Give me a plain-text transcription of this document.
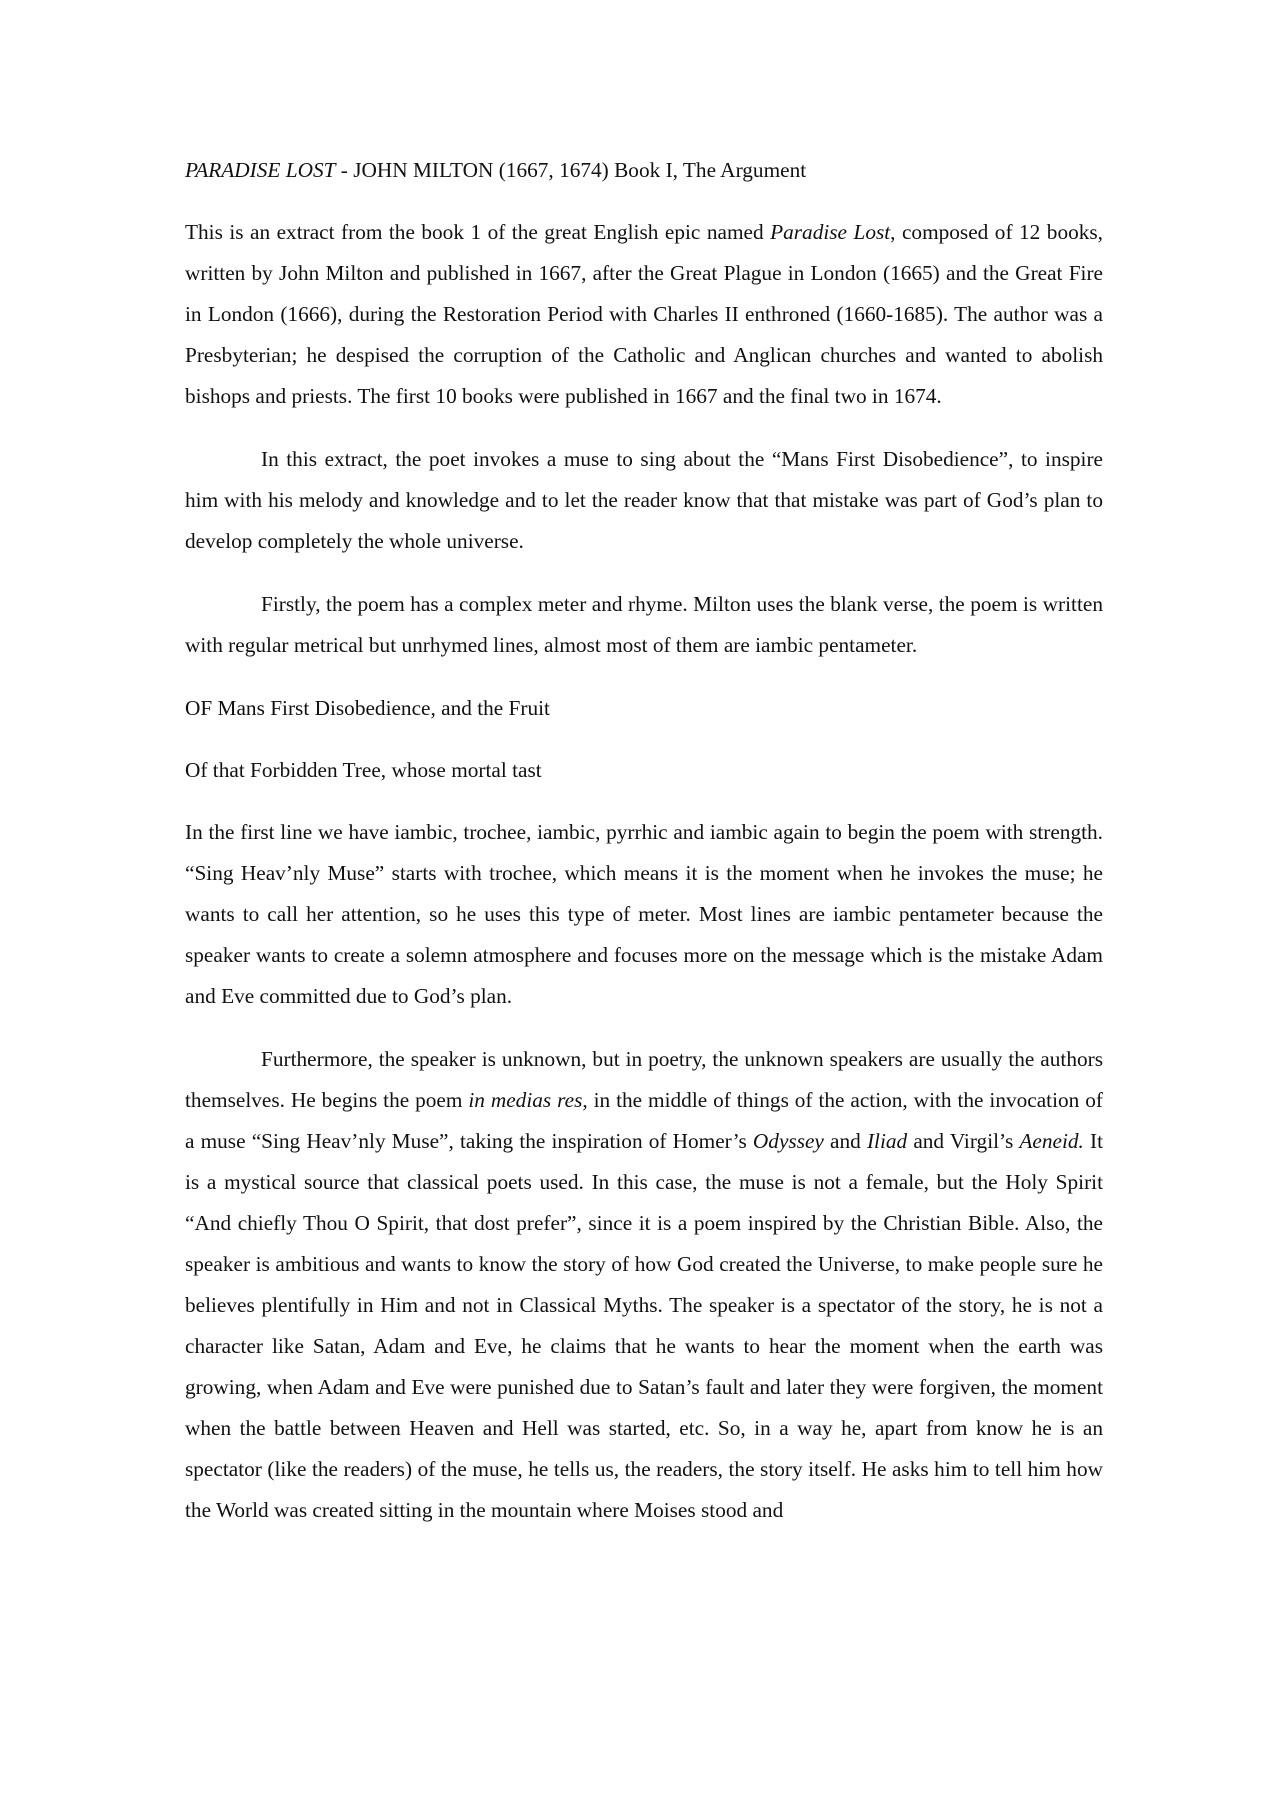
PARADISE LOST - JOHN MILTON (1667, 1674) Book I, The Argument

This is an extract from the book 1 of the great English epic named Paradise Lost, composed of 12 books, written by John Milton and published in 1667, after the Great Plague in London (1665) and the Great Fire in London (1666), during the Restoration Period with Charles II enthroned (1660-1685). The author was a Presbyterian; he despised the corruption of the Catholic and Anglican churches and wanted to abolish bishops and priests. The first 10 books were published in 1667 and the final two in 1674.

In this extract, the poet invokes a muse to sing about the “Mans First Disobedience”, to inspire him with his melody and knowledge and to let the reader know that that mistake was part of God’s plan to develop completely the whole universe.

Firstly, the poem has a complex meter and rhyme. Milton uses the blank verse, the poem is written with regular metrical but unrhymed lines, almost most of them are iambic pentameter.

OF Mans First Disobedience, and the Fruit

Of that Forbidden Tree, whose mortal tast

In the first line we have iambic, trochee, iambic, pyrrhic and iambic again to begin the poem with strength. “Sing Heav’nly Muse” starts with trochee, which means it is the moment when he invokes the muse; he wants to call her attention, so he uses this type of meter. Most lines are iambic pentameter because the speaker wants to create a solemn atmosphere and focuses more on the message which is the mistake Adam and Eve committed due to God’s plan.

Furthermore, the speaker is unknown, but in poetry, the unknown speakers are usually the authors themselves. He begins the poem in medias res, in the middle of things of the action, with the invocation of a muse “Sing Heav’nly Muse”, taking the inspiration of Homer’s Odyssey and Iliad and Virgil’s Aeneid. It is a mystical source that classical poets used. In this case, the muse is not a female, but the Holy Spirit “And chiefly Thou O Spirit, that dost prefer”, since it is a poem inspired by the Christian Bible. Also, the speaker is ambitious and wants to know the story of how God created the Universe, to make people sure he believes plentifully in Him and not in Classical Myths. The speaker is a spectator of the story, he is not a character like Satan, Adam and Eve, he claims that he wants to hear the moment when the earth was growing, when Adam and Eve were punished due to Satan’s fault and later they were forgiven, the moment when the battle between Heaven and Hell was started, etc. So, in a way he, apart from know he is an spectator (like the readers) of the muse, he tells us, the readers, the story itself. He asks him to tell him how the World was created sitting in the mountain where Moises stood and
